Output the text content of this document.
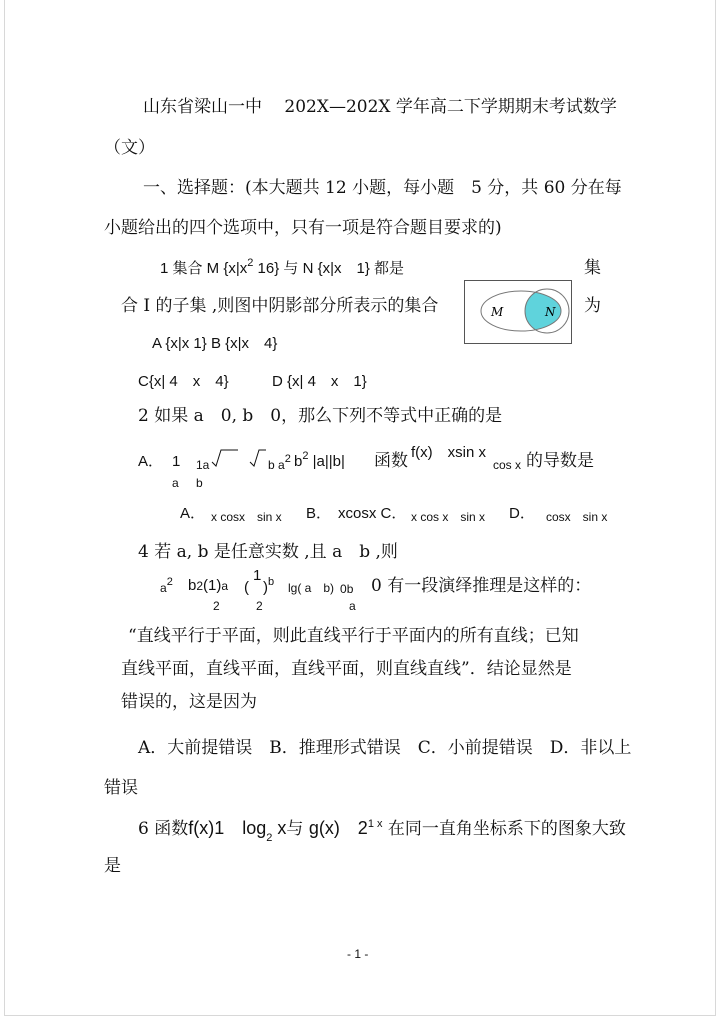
山东省梁山一中　 202X—202X 学年高二下学期期末考试数学
（文）
一、选择题：(本大题共 12 小题，每小题　5 分，共 60 分在每
小题给出的四个选项中，只有一项是符合题目要求的)
1 集合 M {$x|x^2$ 16} 与 N {x|x　1} 都是	集
合 I 的子集 ,则图中阴影部分所表示的集合	为
M	N
A {x|x 1} B {x|x　4}
C{x| 4　x　4}	D {x| 4　x　1}
2 如果 a　0, b　0，那么下列不等式中正确的是
A． 1
a
1a
b
b a2 $b^2$ |a||b| 函数 f(x)　xsin x
cos x 的导数是
A． x cosx　sin x B． xcosx C． x cos x　sin x D． cosx　sin x
4 若 a, b 是任意实数 ,且 a　b ,则
a2 b2(1)a
2
(
1
2
)$^b$ lg( a　b) 0b
a
0 有一段演绎推理是这样的：
“直线平行于平面，则此直线平行于平面内的所有直线；已知
直线平面，直线平面，直线平面，则直线直线”．结论显然是
错误的，这是因为
A．大前提错误　B．推理形式错误　C．小前提错误　D．非以上
错误
6 函数f(x)1　$\log_2 x$与 g(x)　$2^{1 x}$ 在同一直角坐标系下的图象大致
是
- 1 -
